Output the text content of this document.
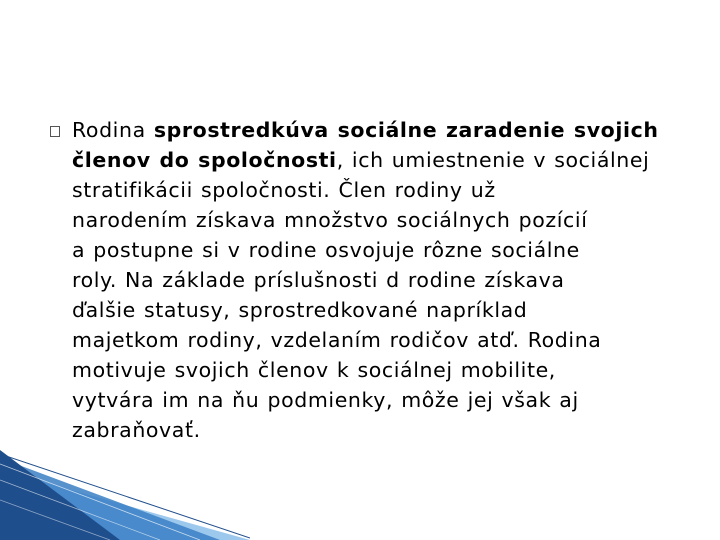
Rodina sprostredkúva sociálne zaradenie svojich
členov do spoločnosti, ich umiestnenie v sociálnej
stratifikácii spoločnosti. Člen rodiny už
narodením získava množstvo sociálnych pozícií
a postupne si v rodine osvojuje rôzne sociálne
roly. Na základe príslušnosti d rodine získava
ďalšie statusy, sprostredkované napríklad
majetkom rodiny, vzdelaním rodičov atď. Rodina
motivuje svojich členov k sociálnej mobilite,
vytvára im na ňu podmienky, môže jej však aj
zabraňovať.
